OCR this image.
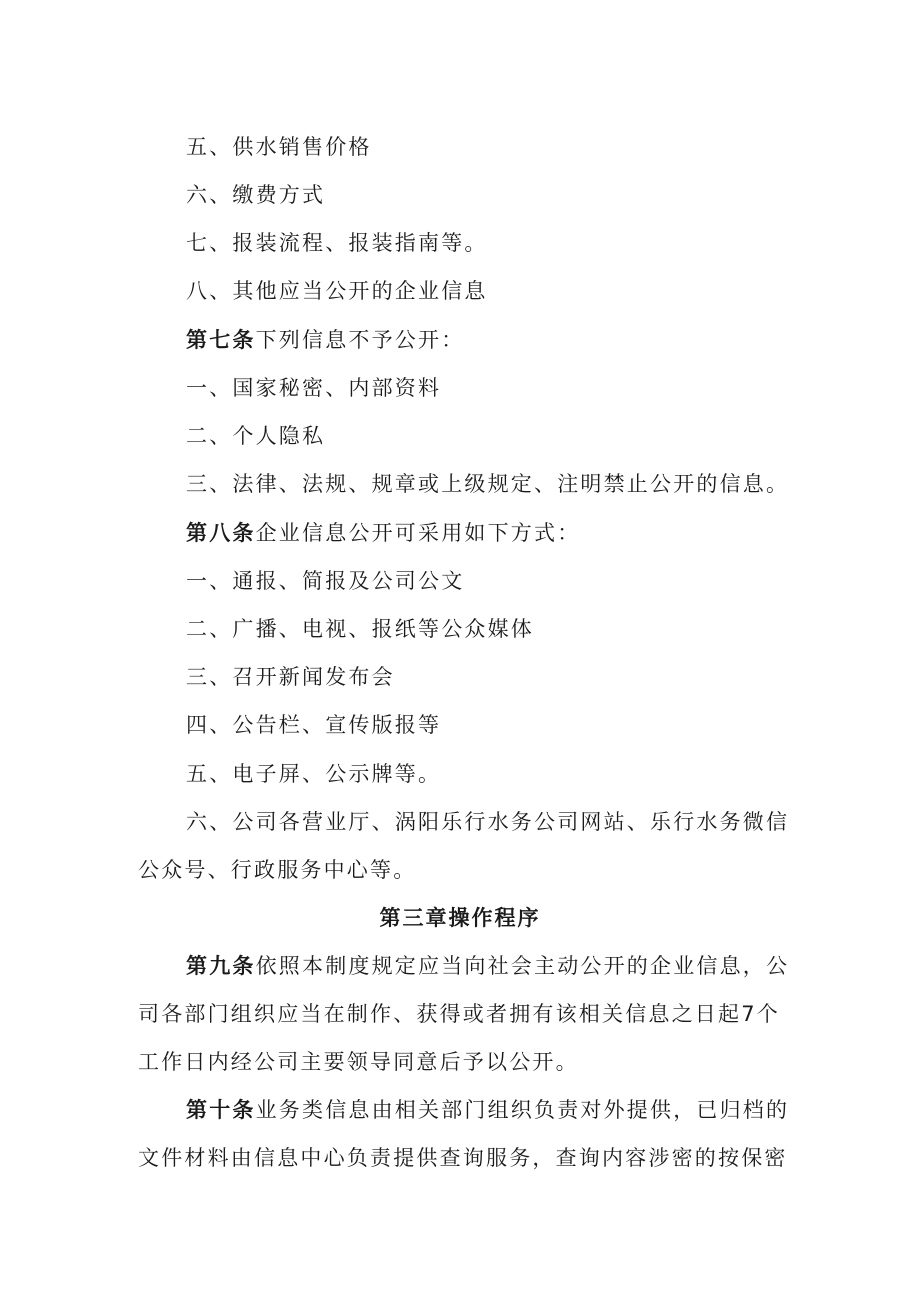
五、供水销售价格
六、缴费方式
七、报装流程、报装指南等。
八、其他应当公开的企业信息
第七条下列信息不予公开：
一、国家秘密、内部资料
二、个人隐私
三、法律、法规、规章或上级规定、注明禁止公开的信息。
第八条企业信息公开可采用如下方式：
一、通报、简报及公司公文
二、广播、电视、报纸等公众媒体
三、召开新闻发布会
四、公告栏、宣传版报等
五、电子屏、公示牌等。
六、公司各营业厅、涡阳乐行水务公司网站、乐行水务微信
公众号、行政服务中心等。
第三章操作程序
第九条依照本制度规定应当向社会主动公开的企业信息，公
司各部门组织应当在制作、获得或者拥有该相关信息之日起7个
工作日内经公司主要领导同意后予以公开。
第十条业务类信息由相关部门组织负责对外提供，已归档的
文件材料由信息中心负责提供查询服务，查询内容涉密的按保密
